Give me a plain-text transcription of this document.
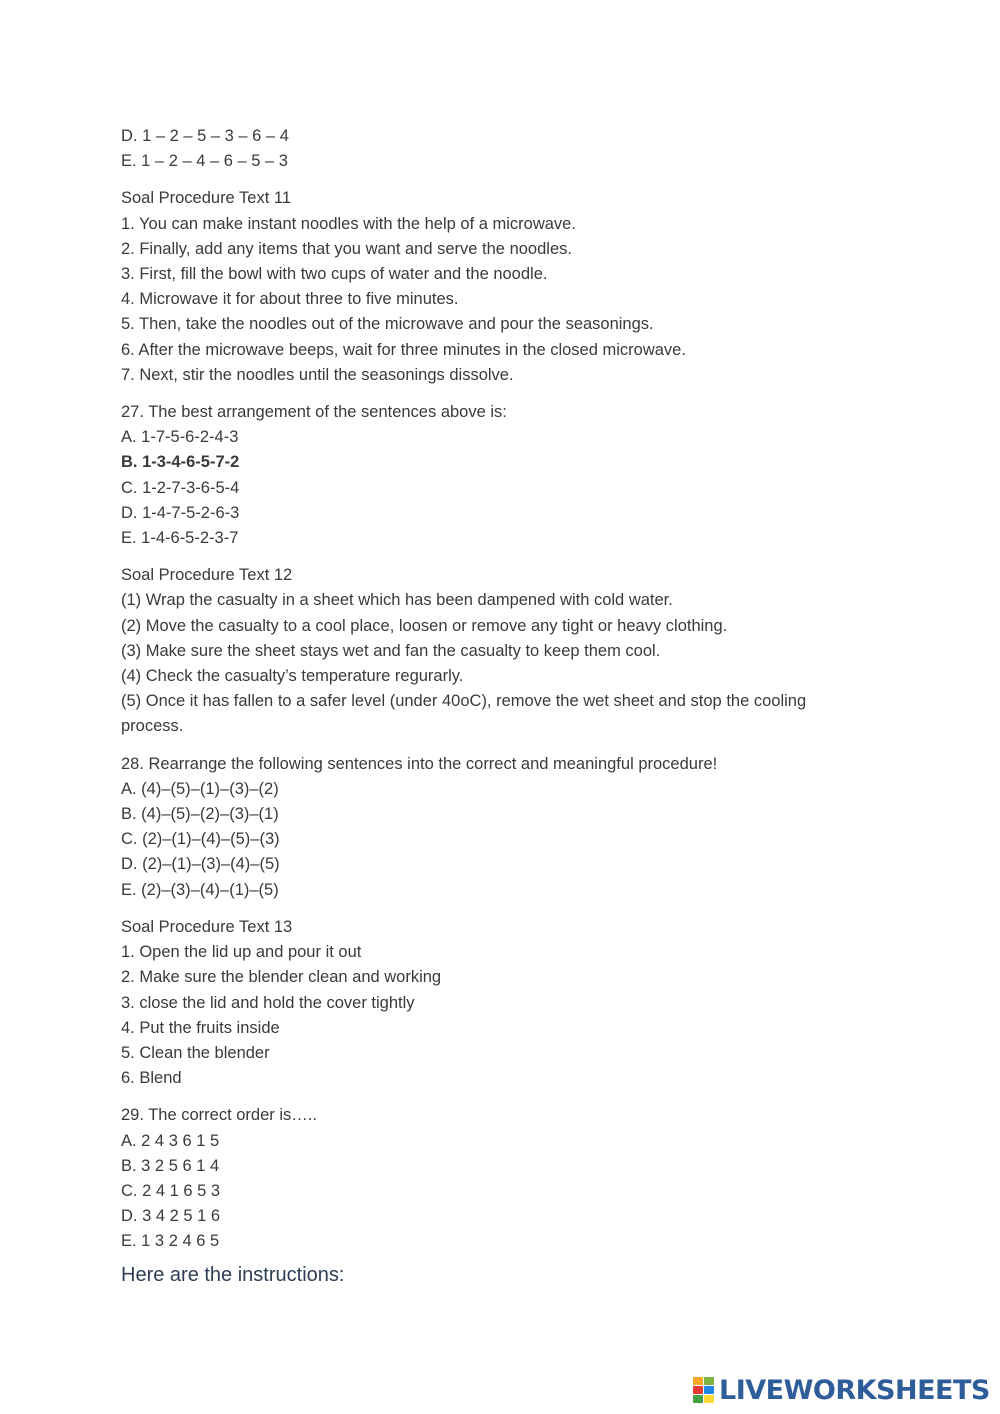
D. 1 – 2 – 5 – 3 – 6 – 4
E. 1 – 2 – 4 – 6 – 5 – 3
Soal Procedure Text 11
1. You can make instant noodles with the help of a microwave.
2. Finally, add any items that you want and serve the noodles.
3. First, fill the bowl with two cups of water and the noodle.
4. Microwave it for about three to five minutes.
5. Then, take the noodles out of the microwave and pour the seasonings.
6. After the microwave beeps, wait for three minutes in the closed microwave.
7. Next, stir the noodles until the seasonings dissolve.
27. The best arrangement of the sentences above is:
A. 1-7-5-6-2-4-3
B. 1-3-4-6-5-7-2
C. 1-2-7-3-6-5-4
D. 1-4-7-5-2-6-3
E. 1-4-6-5-2-3-7
Soal Procedure Text 12
(1) Wrap the casualty in a sheet which has been dampened with cold water.
(2) Move the casualty to a cool place, loosen or remove any tight or heavy clothing.
(3) Make sure the sheet stays wet and fan the casualty to keep them cool.
(4) Check the casualty’s temperature regurarly.
(5) Once it has fallen to a safer level (under 40oC), remove the wet sheet and stop the cooling process.
28. Rearrange the following sentences into the correct and meaningful procedure!
A. (4)–(5)–(1)–(3)–(2)
B. (4)–(5)–(2)–(3)–(1)
C. (2)–(1)–(4)–(5)–(3)
D. (2)–(1)–(3)–(4)–(5)
E. (2)–(3)–(4)–(1)–(5)
Soal Procedure Text 13
1. Open the lid up and pour it out
2. Make sure the blender clean and working
3. close the lid and hold the cover tightly
4. Put the fruits inside
5. Clean the blender
6. Blend
29. The correct order is…..
A. 2 4 3 6 1 5
B. 3 2 5 6 1 4
C. 2 4 1 6 5 3
D. 3 4 2 5 1 6
E. 1 3 2 4 6 5
Here are the instructions:
LIVEWORKSHEETS
